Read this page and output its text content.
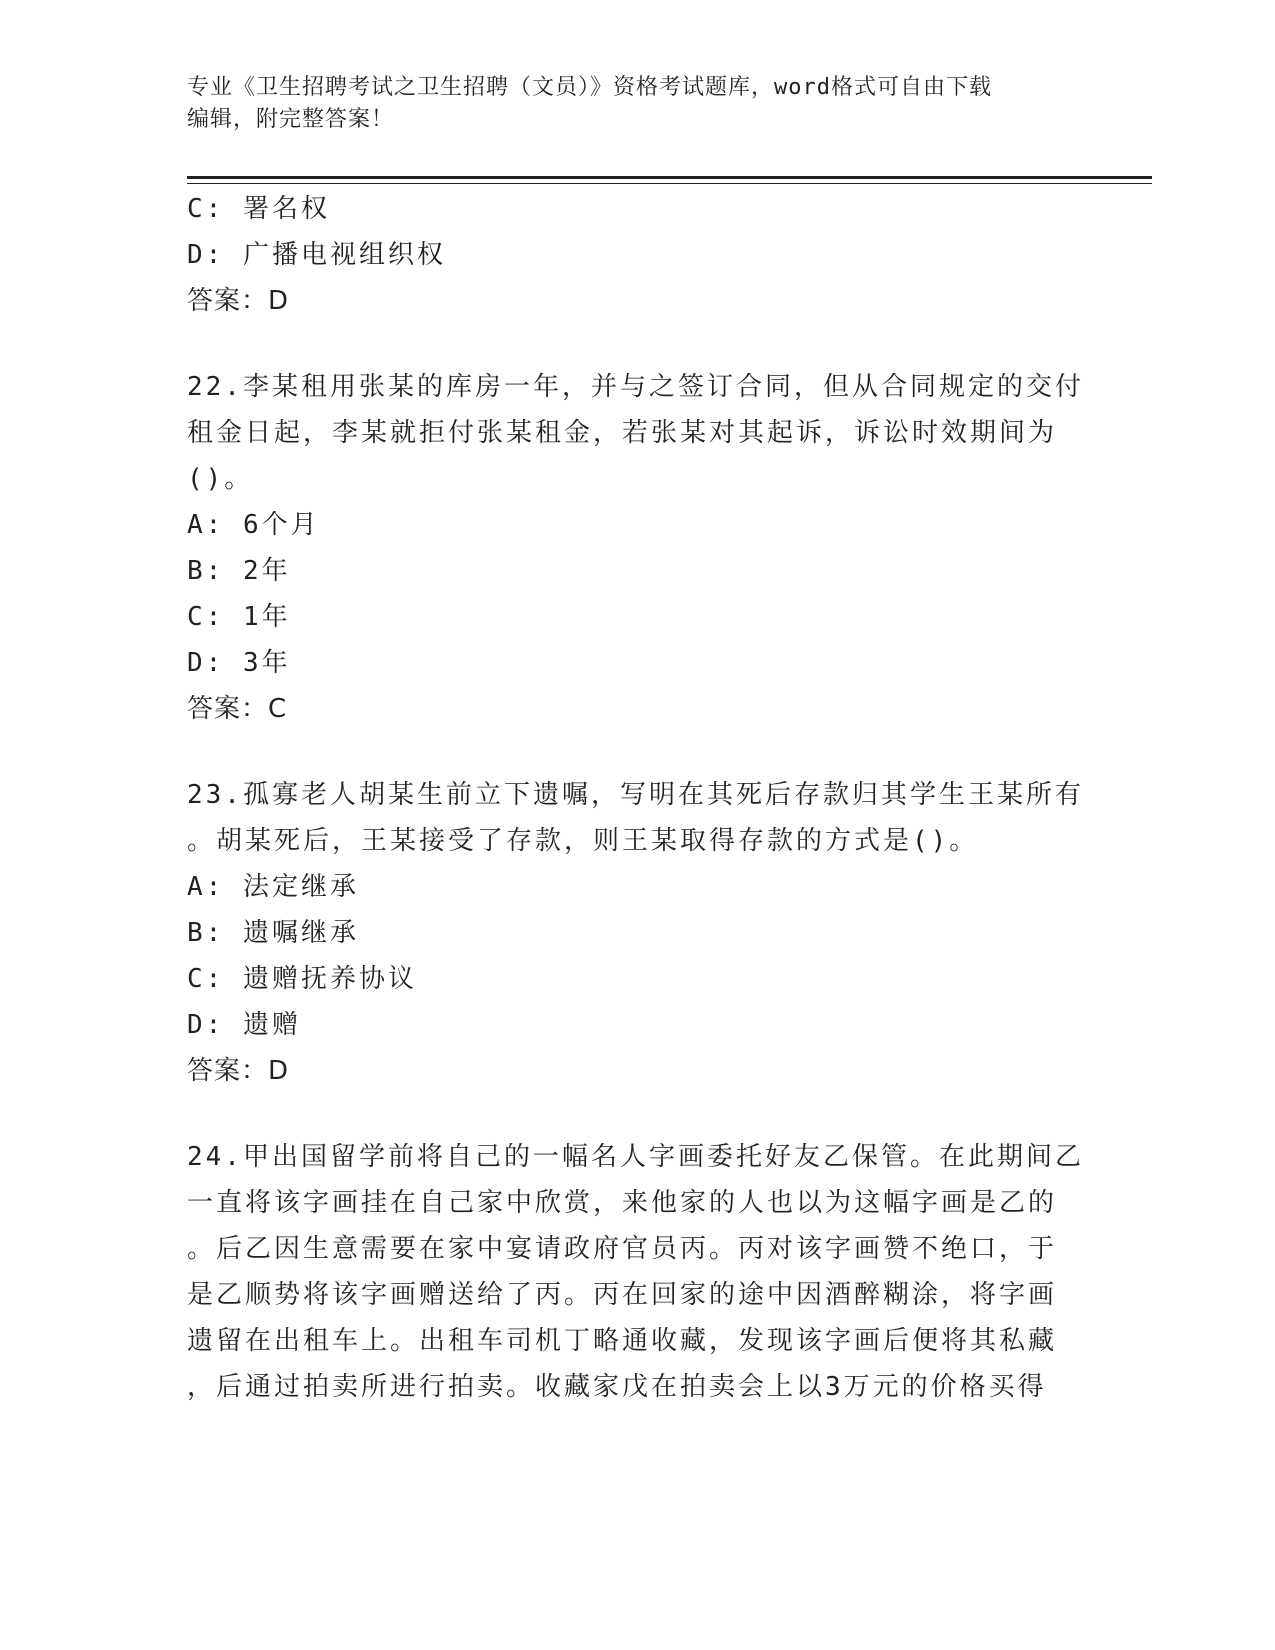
专业《卫生招聘考试之卫生招聘（文员）》资格考试题库，word格式可自由下载
编辑，附完整答案！
C: 署名权
D: 广播电视组织权
答案：D
22.李某租用张某的库房一年，并与之签订合同，但从合同规定的交付
租金日起，李某就拒付张某租金，若张某对其起诉，诉讼时效期间为
()。
A: 6个月
B: 2年
C: 1年
D: 3年
答案：C
23.孤寡老人胡某生前立下遗嘱，写明在其死后存款归其学生王某所有
。胡某死后，王某接受了存款，则王某取得存款的方式是()。
A: 法定继承
B: 遗嘱继承
C: 遗赠抚养协议
D: 遗赠
答案：D
24.甲出国留学前将自己的一幅名人字画委托好友乙保管。在此期间乙
一直将该字画挂在自己家中欣赏，来他家的人也以为这幅字画是乙的
。后乙因生意需要在家中宴请政府官员丙。丙对该字画赞不绝口，于
是乙顺势将该字画赠送给了丙。丙在回家的途中因酒醉糊涂，将字画
遗留在出租车上。出租车司机丁略通收藏，发现该字画后便将其私藏
，后通过拍卖所进行拍卖。收藏家戊在拍卖会上以3万元的价格买得
